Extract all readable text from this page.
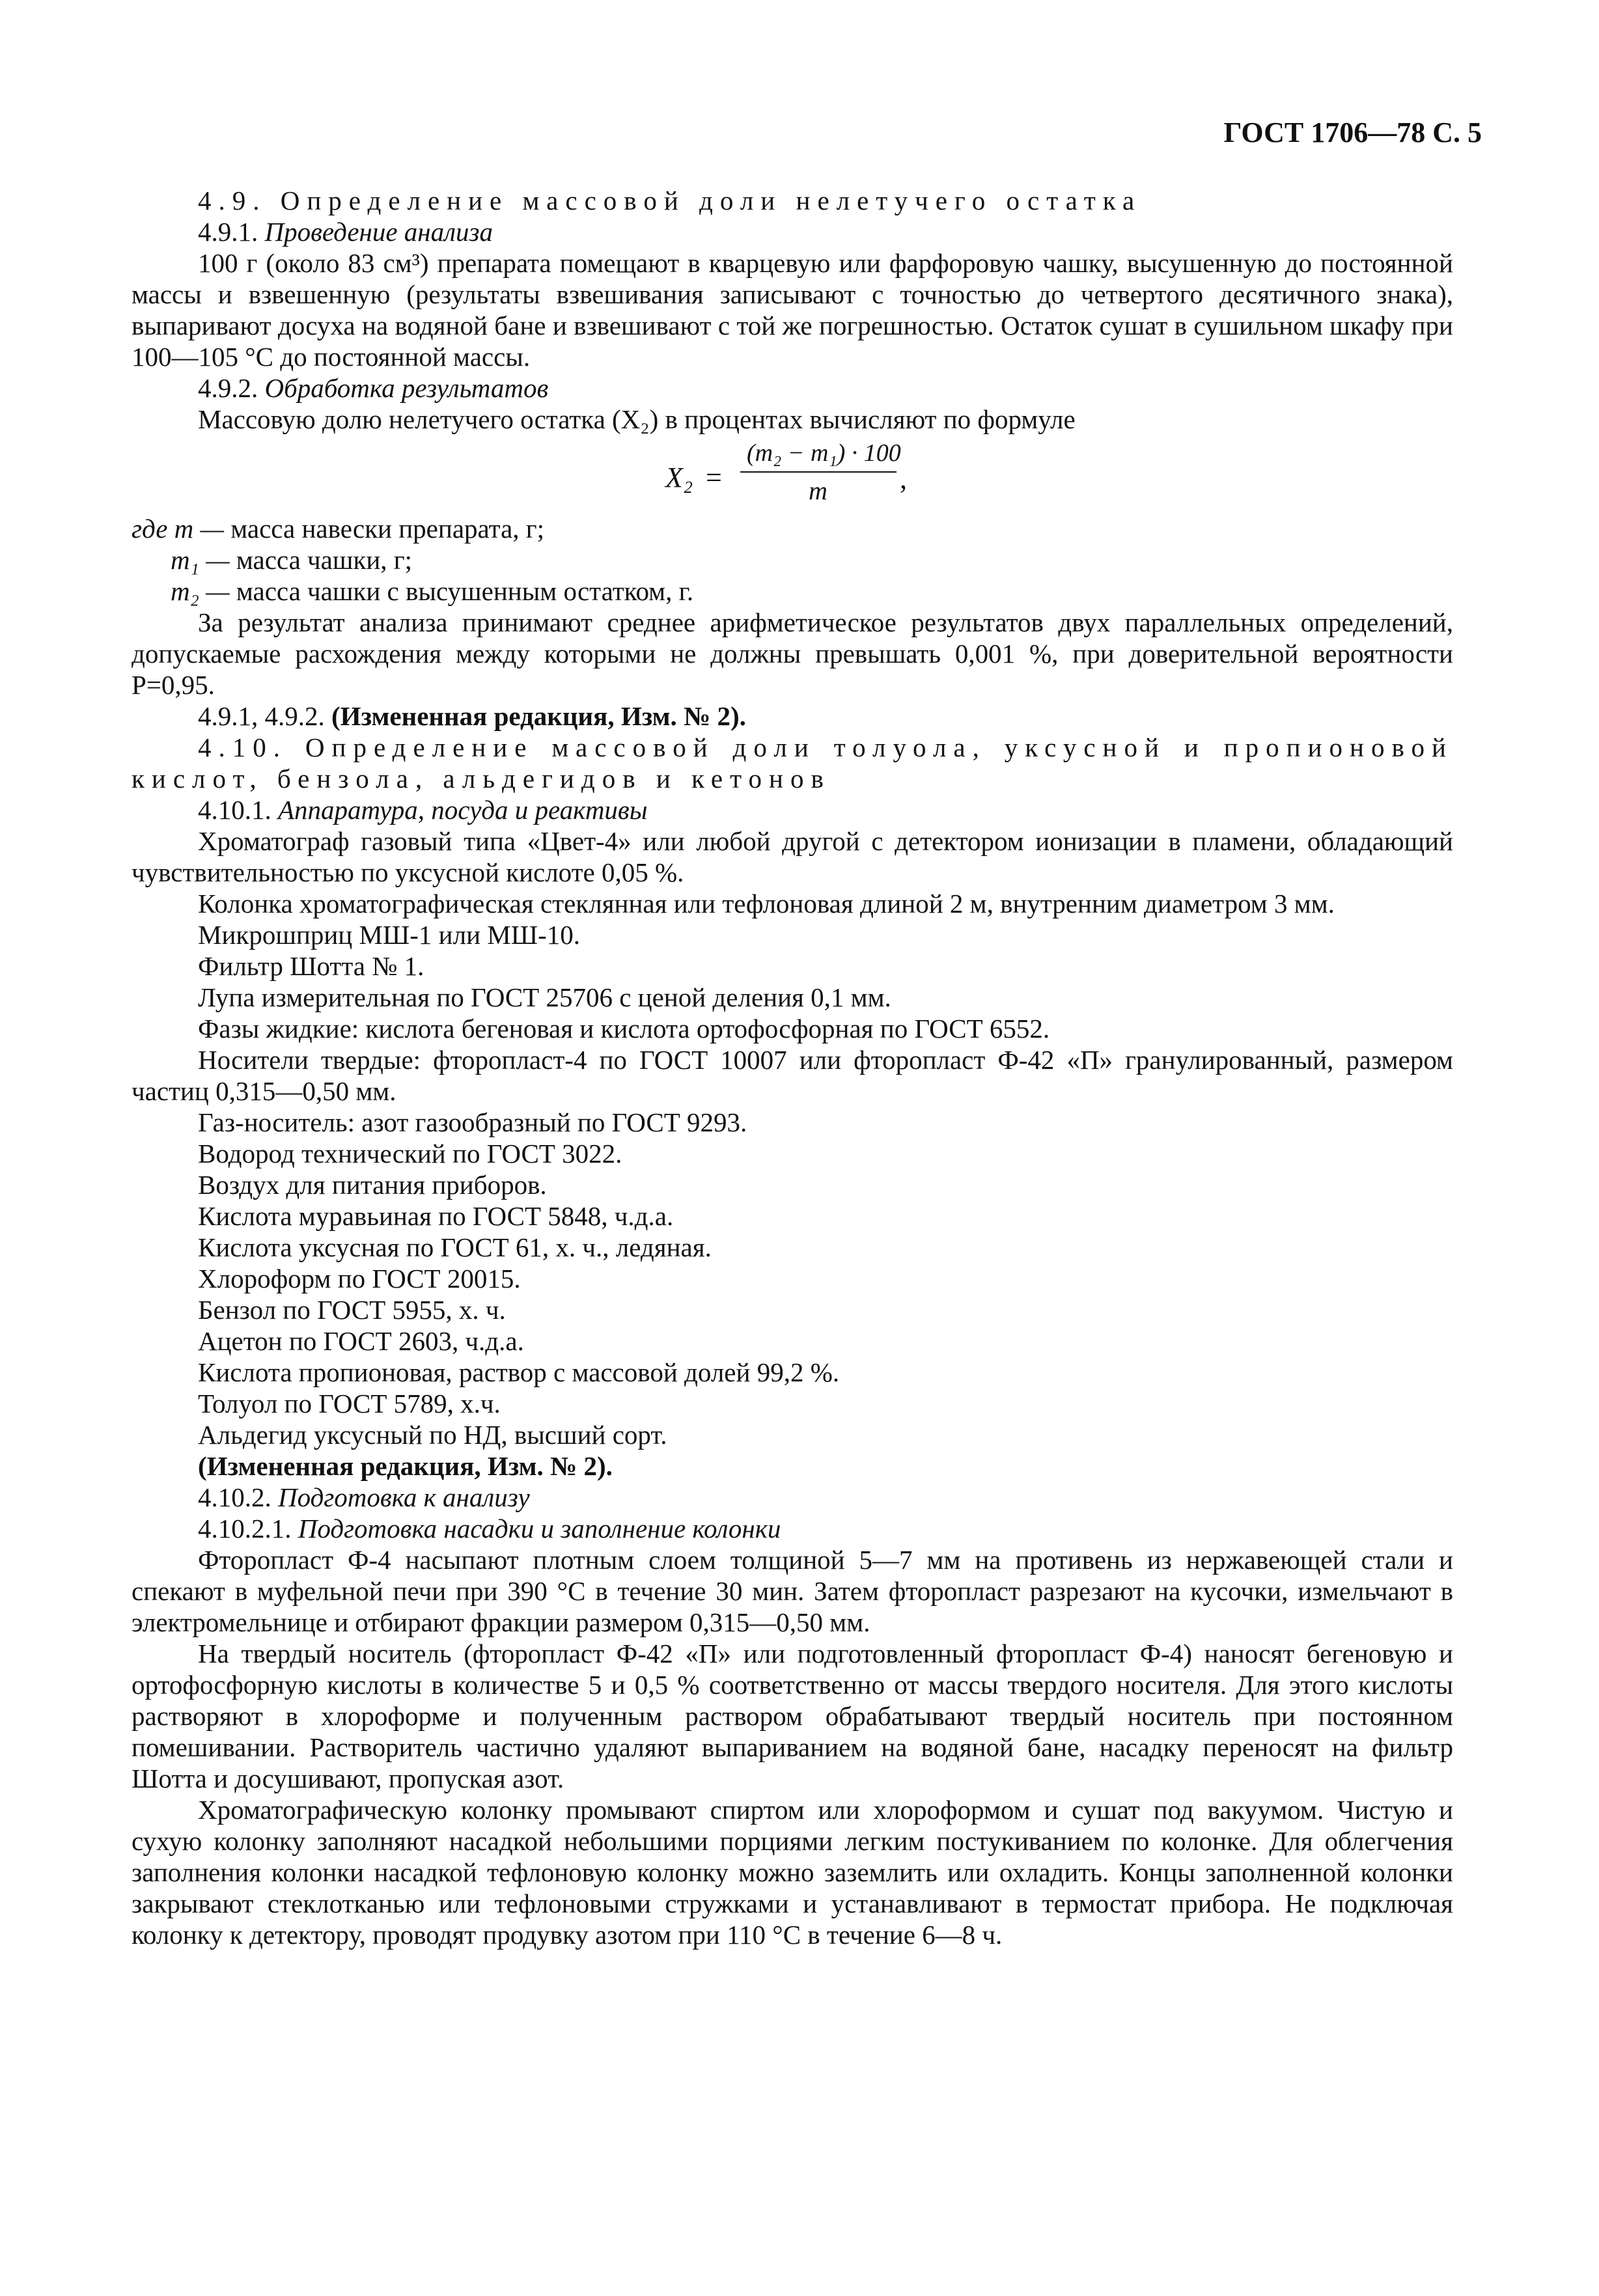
ГОСТ 1706—78 С. 5

4.9. Определение массовой доли нелетучего остатка

4.9.1. Проведение анализа

100 г (около 83 см³) препарата помещают в кварцевую или фарфоровую чашку, высушенную до постоянной массы и взвешенную (результаты взвешивания записывают с точностью до четвертого десятичного знака), выпаривают досуха на водяной бане и взвешивают с той же погрешностью. Остаток сушат в сушильном шкафу при 100—105 °С до постоянной массы.

4.9.2. Обработка результатов

Массовую долю нелетучего остатка (X₂) в процентах вычисляют по формуле

X₂ =
(m₂ − m₁) · 100
m	,

где m — масса навески препарата, г;

m₁ — масса чашки, г;

m₂ — масса чашки с высушенным остатком, г.

За результат анализа принимают среднее арифметическое результатов двух параллельных определений, допускаемые расхождения между которыми не должны превышать 0,001 %, при доверительной вероятности P=0,95.

4.9.1, 4.9.2. (Измененная редакция, Изм. № 2).

4.10. Определение массовой доли толуола, уксусной и пропионовой кислот, бензола, альдегидов и кетонов

4.10.1. Аппаратура, посуда и реактивы

Хроматограф газовый типа «Цвет-4» или любой другой с детектором ионизации в пламени, обладающий чувствительностью по уксусной кислоте 0,05 %.

Колонка хроматографическая стеклянная или тефлоновая длиной 2 м, внутренним диаметром 3 мм.

Микрошприц МШ-1 или МШ-10.

Фильтр Шотта № 1.

Лупа измерительная по ГОСТ 25706 с ценой деления 0,1 мм.

Фазы жидкие: кислота бегеновая и кислота ортофосфорная по ГОСТ 6552.

Носители твердые: фторопласт-4 по ГОСТ 10007 или фторопласт Ф-42 «П» гранулированный, размером частиц 0,315—0,50 мм.

Газ-носитель: азот газообразный по ГОСТ 9293.

Водород технический по ГОСТ 3022.

Воздух для питания приборов.

Кислота муравьиная по ГОСТ 5848, ч.д.а.

Кислота уксусная по ГОСТ 61, х. ч., ледяная.

Хлороформ по ГОСТ 20015.

Бензол по ГОСТ 5955, х. ч.

Ацетон по ГОСТ 2603, ч.д.а.

Кислота пропионовая, раствор с массовой долей 99,2 %.

Толуол по ГОСТ 5789, х.ч.

Альдегид уксусный по НД, высший сорт.

(Измененная редакция, Изм. № 2).

4.10.2. Подготовка к анализу

4.10.2.1. Подготовка насадки и заполнение колонки

Фторопласт Ф-4 насыпают плотным слоем толщиной 5—7 мм на противень из нержавеющей стали и спекают в муфельной печи при 390 °С в течение 30 мин. Затем фторопласт разрезают на кусочки, измельчают в электромельнице и отбирают фракции размером 0,315—0,50 мм.

На твердый носитель (фторопласт Ф-42 «П» или подготовленный фторопласт Ф-4) наносят бегеновую и ортофосфорную кислоты в количестве 5 и 0,5 % соответственно от массы твердого носителя. Для этого кислоты растворяют в хлороформе и полученным раствором обрабатывают твердый носитель при постоянном помешивании. Растворитель частично удаляют выпариванием на водяной бане, насадку переносят на фильтр Шотта и досушивают, пропуская азот.

Хроматографическую колонку промывают спиртом или хлороформом и сушат под вакуумом. Чистую и сухую колонку заполняют насадкой небольшими порциями легким постукиванием по колонке. Для облегчения заполнения колонки насадкой тефлоновую колонку можно заземлить или охладить. Концы заполненной колонки закрывают стеклотканью или тефлоновыми стружками и устанавливают в термостат прибора. Не подключая колонку к детектору, проводят продувку азотом при 110 °С в течение 6—8 ч.
